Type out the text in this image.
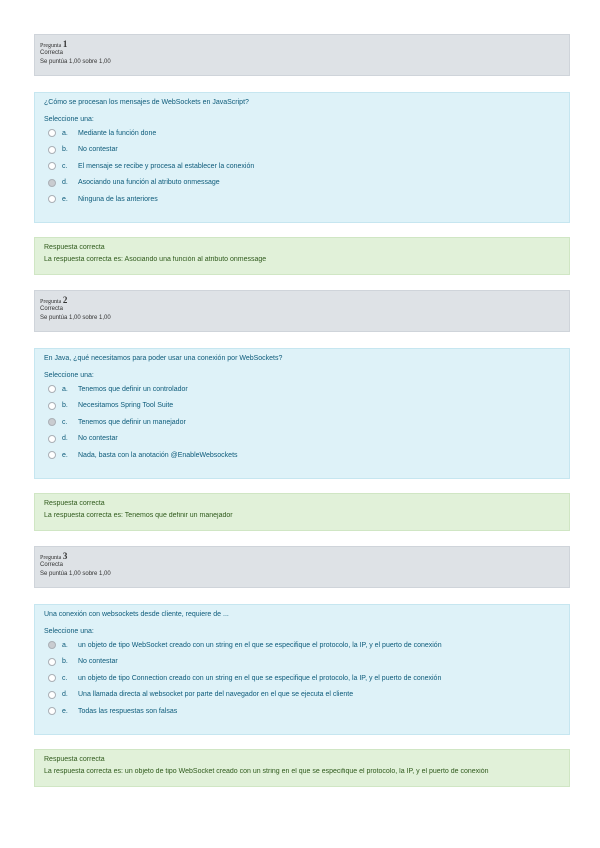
Pregunta 1
Correcta
Se puntúa 1,00 sobre 1,00
¿Cómo se procesan los mensajes de WebSockets en JavaScript?
Seleccione una:
a.	Mediante la función done
b.	No contestar
c.	El mensaje se recibe y procesa al establecer la conexión
d.	Asociando una función al atributo onmessage
e.	Ninguna de las anteriores
Respuesta correcta
La respuesta correcta es: Asociando una función al atributo onmessage
Pregunta 2
Correcta
Se puntúa 1,00 sobre 1,00
En Java, ¿qué necesitamos para poder usar una conexión por WebSockets?
Seleccione una:
a.	Tenemos que definir un controlador
b.	Necesitamos Spring Tool Suite
c.	Tenemos que definir un manejador
d.	No contestar
e.	Nada, basta con la anotación @EnableWebsockets
Respuesta correcta
La respuesta correcta es: Tenemos que definir un manejador
Pregunta 3
Correcta
Se puntúa 1,00 sobre 1,00
Una conexión con websockets desde cliente, requiere de ...
Seleccione una:
a.	un objeto de tipo WebSocket creado con un string en el que se especifique el protocolo, la IP, y el puerto de conexión
b.	No contestar
c.	un objeto de tipo Connection creado con un string en el que se especifique el protocolo, la IP, y el puerto de conexión
d.	Una llamada directa al websocket por parte del navegador en el que se ejecuta el cliente
e.	Todas las respuestas son falsas
Respuesta correcta
La respuesta correcta es: un objeto de tipo WebSocket creado con un string en el que se especifique el protocolo, la IP, y el puerto de conexión
